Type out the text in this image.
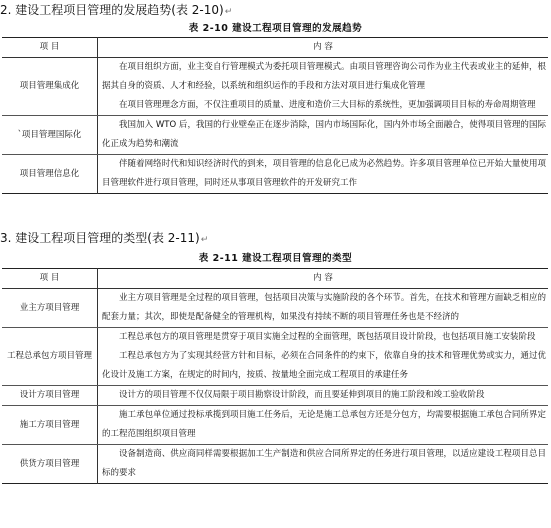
2. 建设工程项目管理的发展趋势(表 2-10)↵
表 2-10 建设工程项目管理的发展趋势
项 目	内 容
项目管理集成化	在项目组织方面，业主变自行管理模式为委托项目管理模式。由项目管理咨询公司作为业主代表或业主的延伸，根据其自身的资质、人才和经验，以系统和组织运作的手段和方法对项目进行集成化管理
在项目管理理念方面，不仅注重项目的质量、进度和造价三大目标的系统性，更加强调项目目标的寿命周期管理

`项目管理国际化	我国加入 WTO 后，我国的行业壁垒正在逐步消除，国内市场国际化，国内外市场全面融合，使得项目管理的国际化正成为趋势和潮流

项目管理信息化	伴随着网络时代和知识经济时代的到来，项目管理的信息化已成为必然趋势。许多项目管理单位已开始大量使用项目管理软件进行项目管理，同时还从事项目管理软件的开发研究工作
3. 建设工程项目管理的类型(表 2-11)↵
表 2-11 建设工程项目管理的类型
项 目	内 容
业主方项目管理	业主方项目管理是全过程的项目管理，包括项目决策与实施阶段的各个环节。首先，在技术和管理方面缺乏相应的配套力量；其次，即使是配备健全的管理机构，如果没有持续不断的项目管理任务也是不经济的

工程总承包方项目管理	工程总承包方的项目管理是贯穿于项目实施全过程的全面管理，既包括项目设计阶段，也包括项目施工安装阶段
工程总承包方为了实现其经营方针和目标，必须在合同条件的约束下，依靠自身的技术和管理优势或实力，通过优化设计及施工方案，在规定的时间内，按质、按量地全面完成工程项目的承建任务

设计方项目管理	设计方的项目管理不仅仅局限于项目勘察设计阶段，而且要延伸到项目的施工阶段和竣工验收阶段

施工方项目管理	施工承包单位通过投标承揽到项目施工任务后，无论是施工总承包方还是分包方，均需要根据施工承包合同所界定的工程范围组织项目管理

供货方项目管理	设备制造商、供应商同样需要根据加工生产制造和供应合同所界定的任务进行项目管理，以适应建设工程项目总目标的要求
